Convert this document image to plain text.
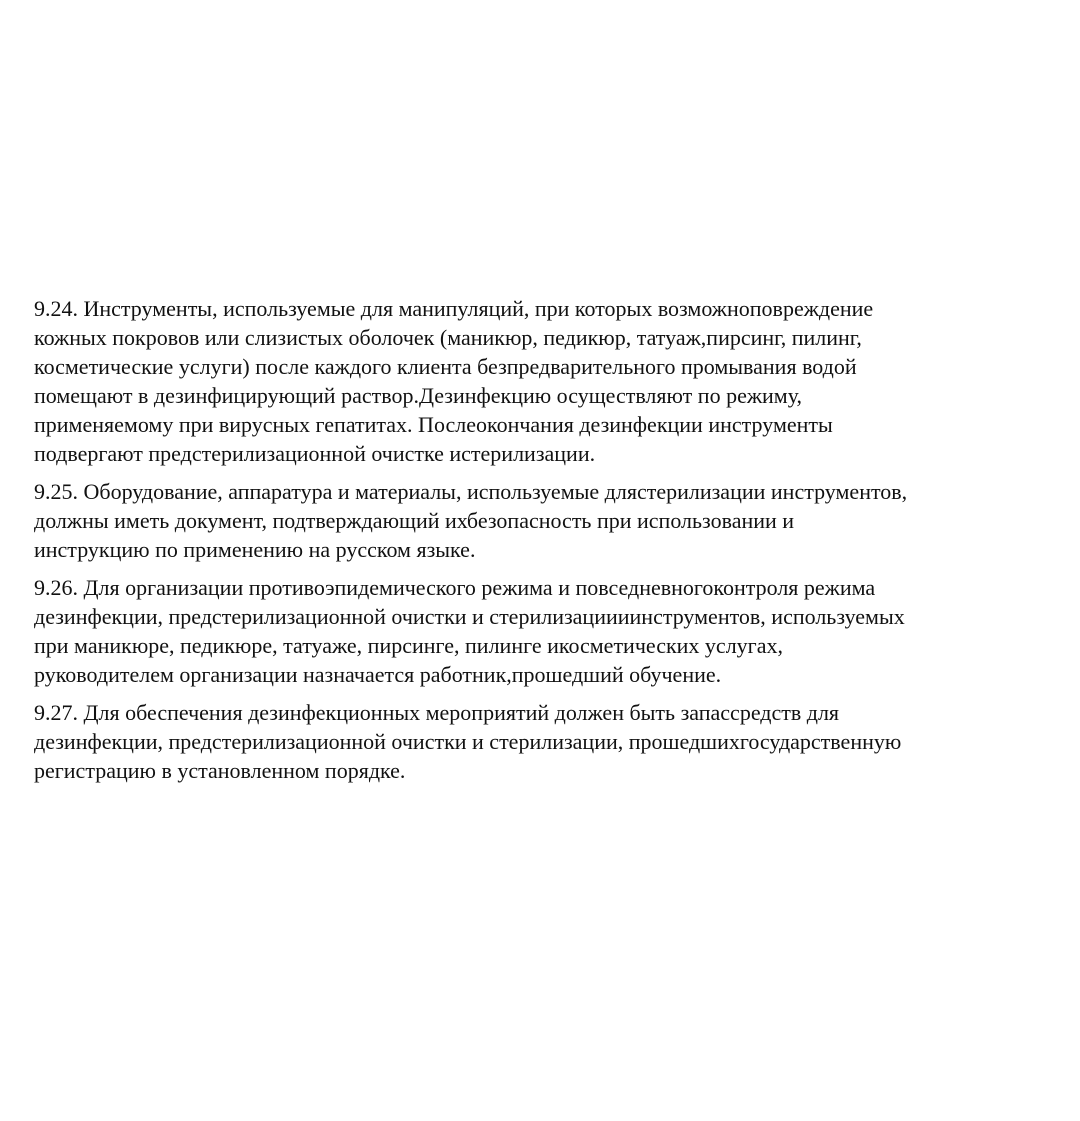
9.24. Инструменты, используемые для манипуляций, при которых возможноповреждение
кожных покровов или слизистых оболочек (маникюр, педикюр, татуаж,пирсинг, пилинг,
косметические услуги) после каждого клиента безпредварительного промывания водой
помещают в дезинфицирующий раствор.Дезинфекцию осуществляют по режиму,
применяемому при вирусных гепатитах. Послеокончания дезинфекции инструменты
подвергают предстерилизационной очистке истерилизации.
9.25. Оборудование, аппаратура и материалы, используемые длястерилизации инструментов,
должны иметь документ, подтверждающий ихбезопасность при использовании и
инструкцию по применению на русском языке.
9.26. Для организации противоэпидемического режима и повседневногоконтроля режима
дезинфекции, предстерилизационной очистки и стерилизациииинструментов, используемых
при маникюре, педикюре, татуаже, пирсинге, пилинге икосметических услугах,
руководителем организации назначается работник,прошедший обучение.
9.27. Для обеспечения дезинфекционных мероприятий должен быть запассредств для
дезинфекции, предстерилизационной очистки и стерилизации, прошедшихгосударственную
регистрацию в установленном порядке.
